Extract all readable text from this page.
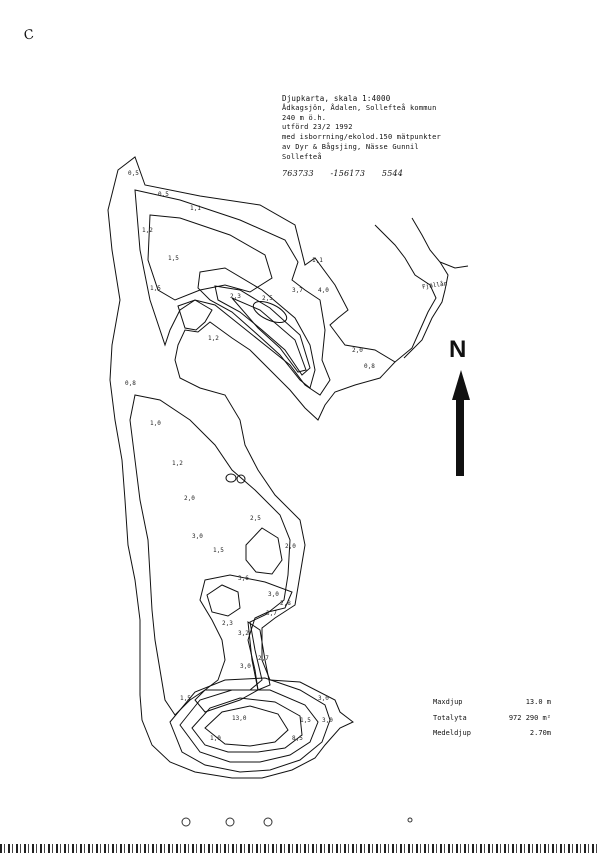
C
Djupkarta, skala 1:4000
Ådkagsjön, Ådalen, Sollefteå kommun
240 m ö.h.
utförd 23/2 1992
med isborrning/ekolod.150 mätpunkter
av Dyr & Bågsjing, Nässe Gunnil
Sollefteå
763733 -156173 5544
0,5
0,5
1,2
1,5
1,5
2,3	2,5
3,7	4,0
1,1
1,1
2,0
0,8
1,2
0,8
1,0
1,2
2,0
3,0
2,5
2,0
3,6
3,0
2,8
1,5
2,3
3,7
3,2
2,7
3,0
1,5 3,0
13,0
1,0	8,5
3,0
1,5
N
Fjällån
Maxdjup	13.0 m
Totalyta	972 290 m²
Medeldjup	2.70m
